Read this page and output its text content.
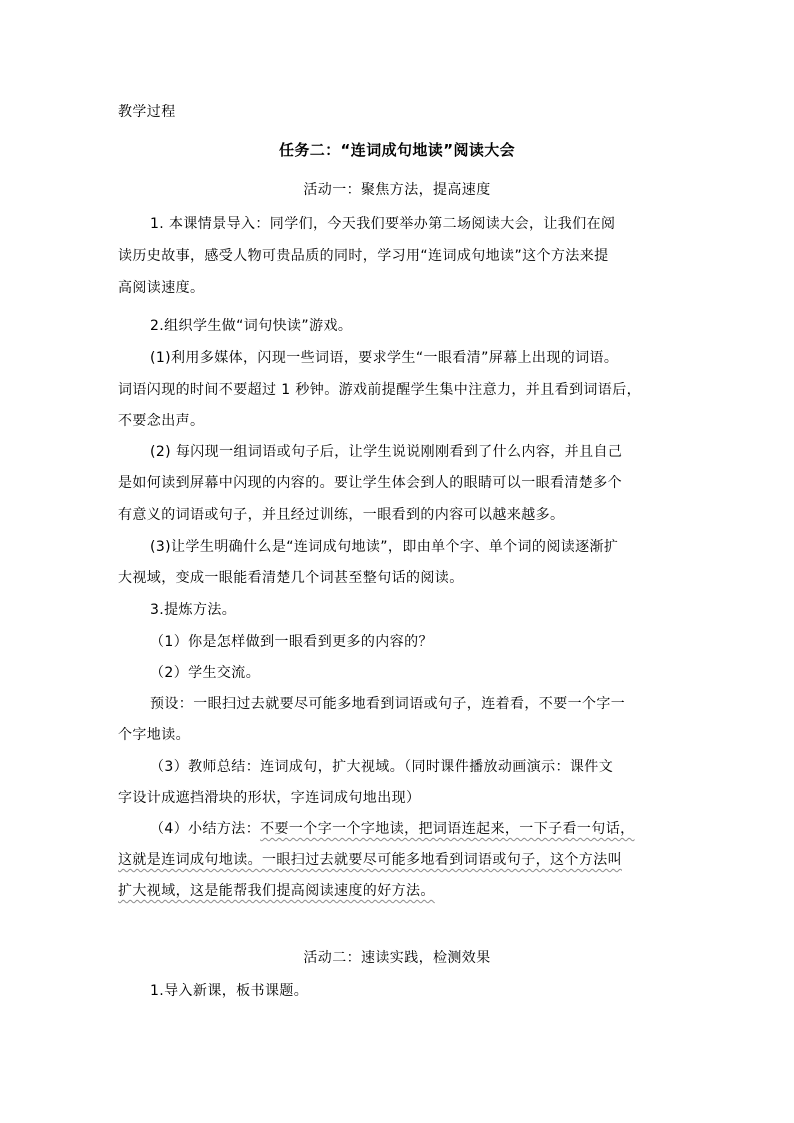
教学过程
任务二：“连词成句地读”阅读大会
活动一：聚焦方法，提高速度
1. 本课情景导入：同学们，今天我们要举办第二场阅读大会，让我们在阅
读历史故事，感受人物可贵品质的同时，学习用“连词成句地读”这个方法来提
高阅读速度。
2.组织学生做“词句快读”游戏。
(1)利用多媒体，闪现一些词语，要求学生“一眼看清”屏幕上出现的词语。
词语闪现的时间不要超过 1 秒钟。游戏前提醒学生集中注意力，并且看到词语后，
不要念出声。
(2) 每闪现一组词语或句子后，让学生说说刚刚看到了什么内容，并且自己
是如何读到屏幕中闪现的内容的。要让学生体会到人的眼睛可以一眼看清楚多个
有意义的词语或句子，并且经过训练，一眼看到的内容可以越来越多。
(3)让学生明确什么是“连词成句地读”，即由单个字、单个词的阅读逐渐扩
大视域，变成一眼能看清楚几个词甚至整句话的阅读。
3.提炼方法。
（1）你是怎样做到一眼看到更多的内容的？
（2）学生交流。
预设：一眼扫过去就要尽可能多地看到词语或句子，连着看，不要一个字一
个字地读。
（3）教师总结：连词成句，扩大视域。（同时课件播放动画演示：课件文
字设计成遮挡滑块的形状，字连词成句地出现）
（4）小结方法：不要一个字一个字地读，把词语连起来，一下子看一句话，
这就是连词成句地读。一眼扫过去就要尽可能多地看到词语或句子，这个方法叫
扩大视域，这是能帮我们提高阅读速度的好方法。
活动二：速读实践，检测效果
1.导入新课，板书课题。
